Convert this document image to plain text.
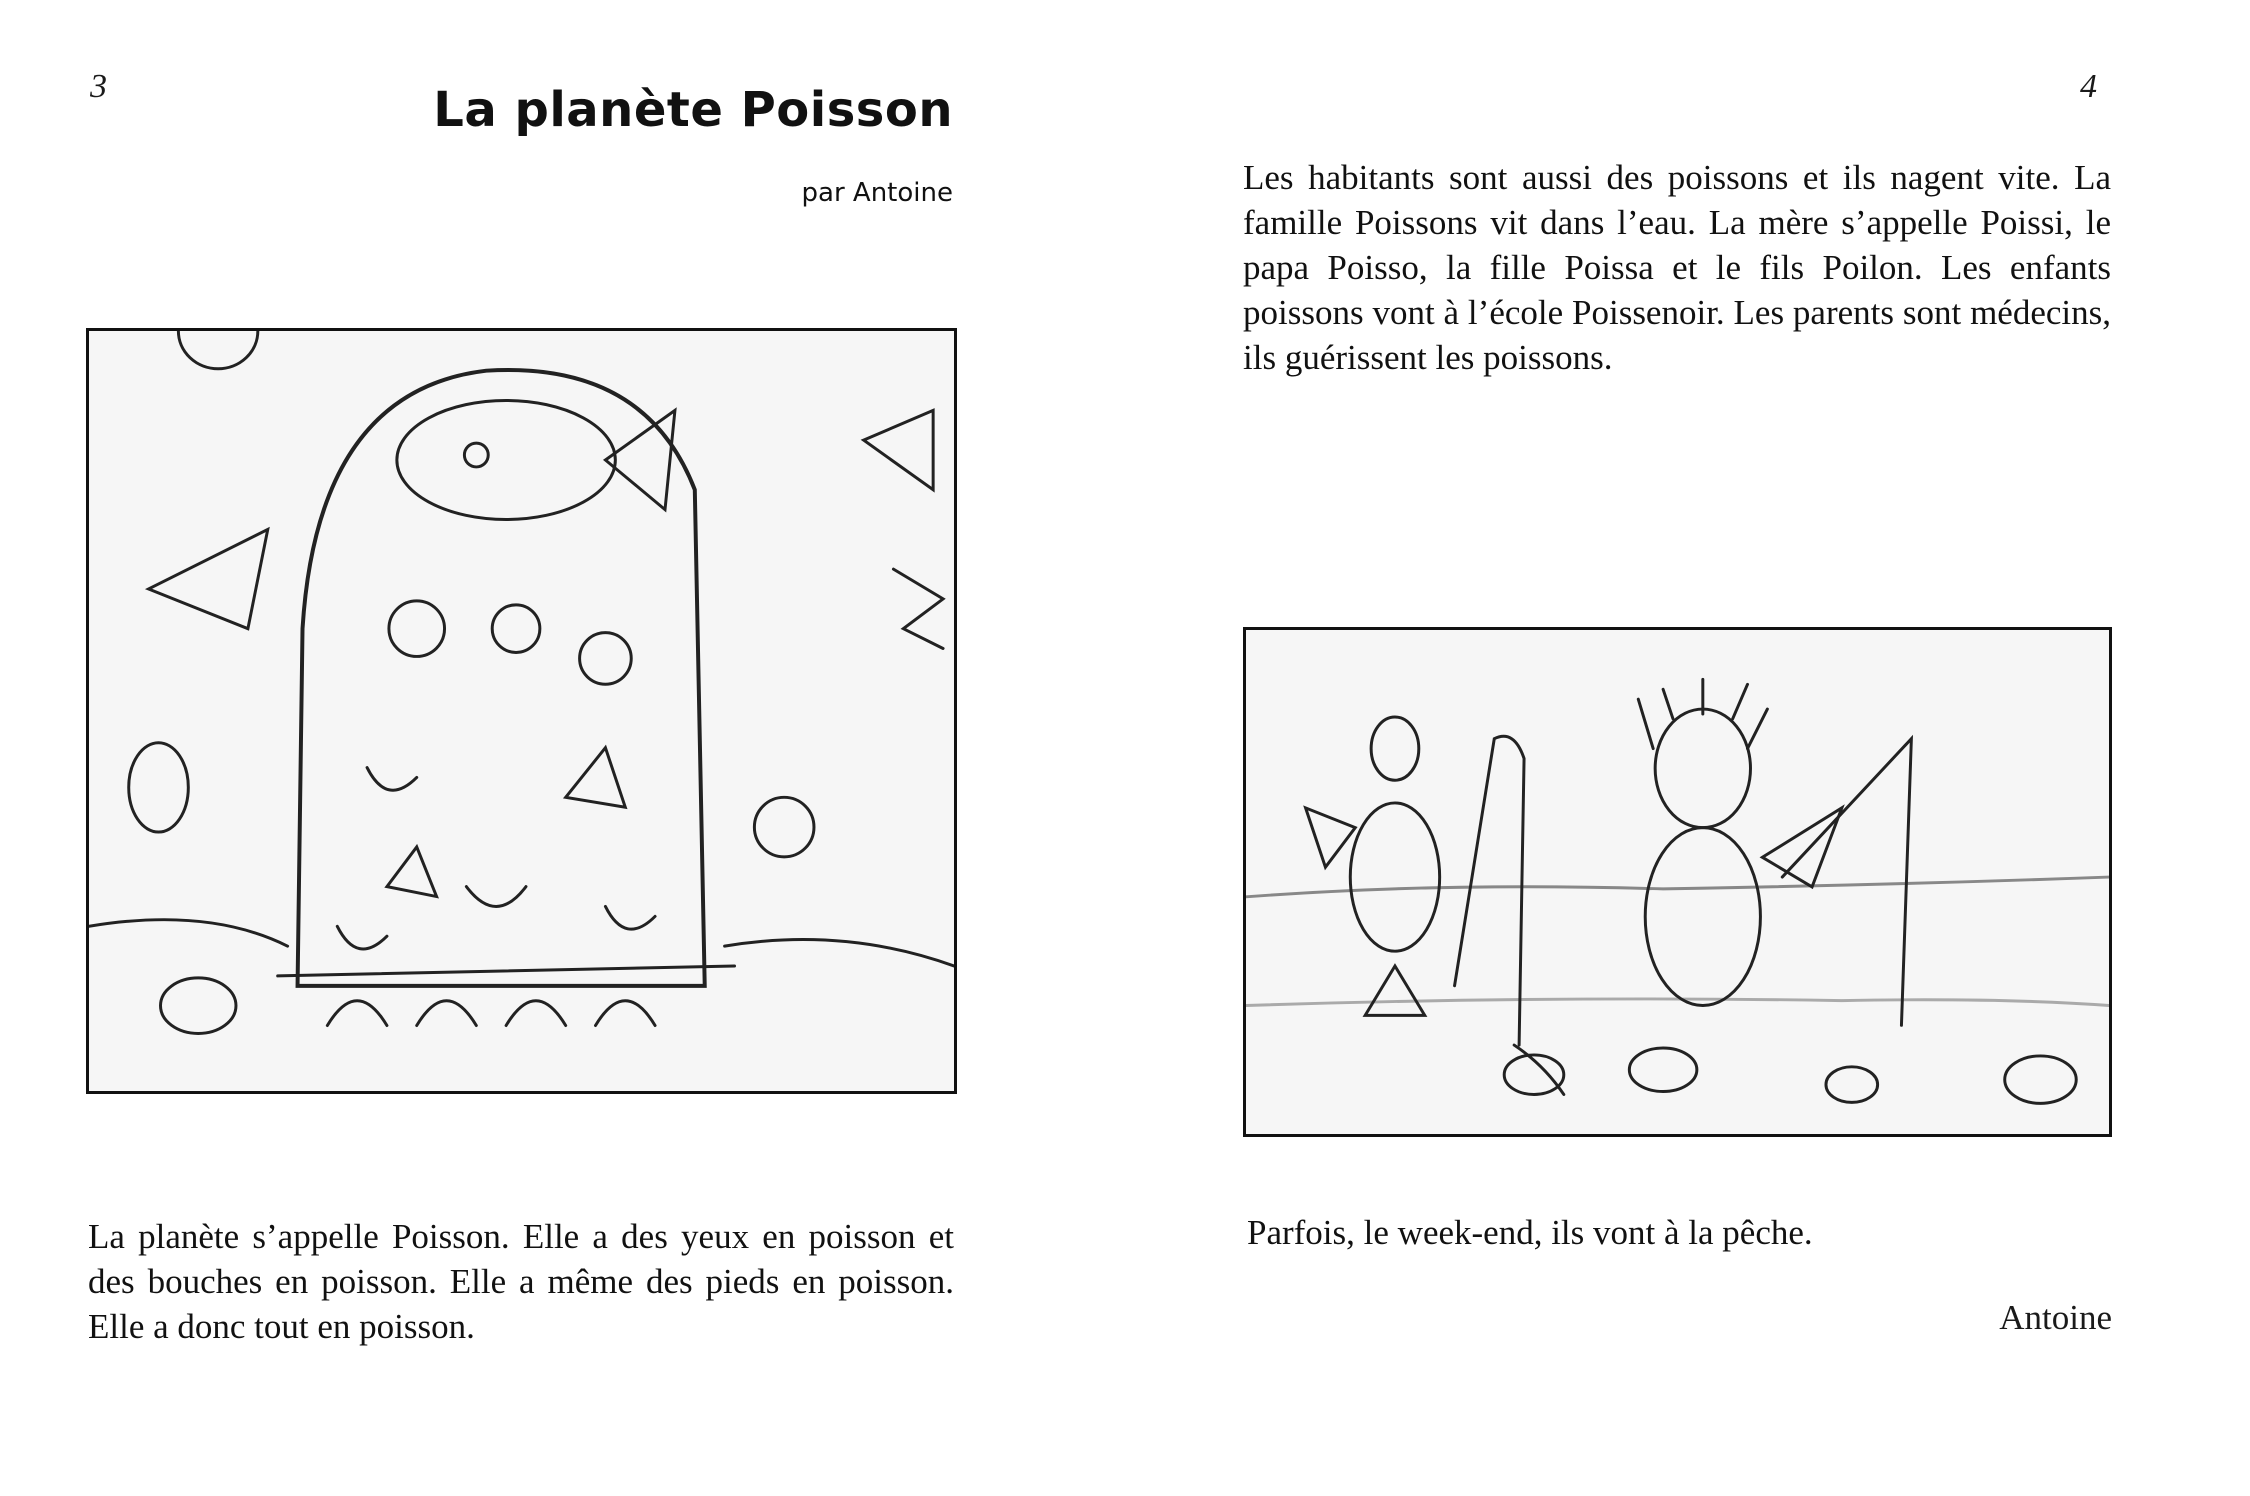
3	La planète Poisson
par Antoine
La planète s’appelle Poisson. Elle a des yeux en poisson et des bouches en poisson. Elle a même des pieds en poisson. Elle a donc tout en poisson.
4
Les habitants sont aussi des poissons et ils nagent vite. La famille Poissons vit dans l’eau. La mère s’appelle Poissi, le papa Poisso, la fille Poissa et le fils Poilon. Les enfants poissons vont à l’école Poissenoir. Les parents sont médecins, ils guérissent les poissons.
Parfois, le week-end, ils vont à la pêche.
Antoine
